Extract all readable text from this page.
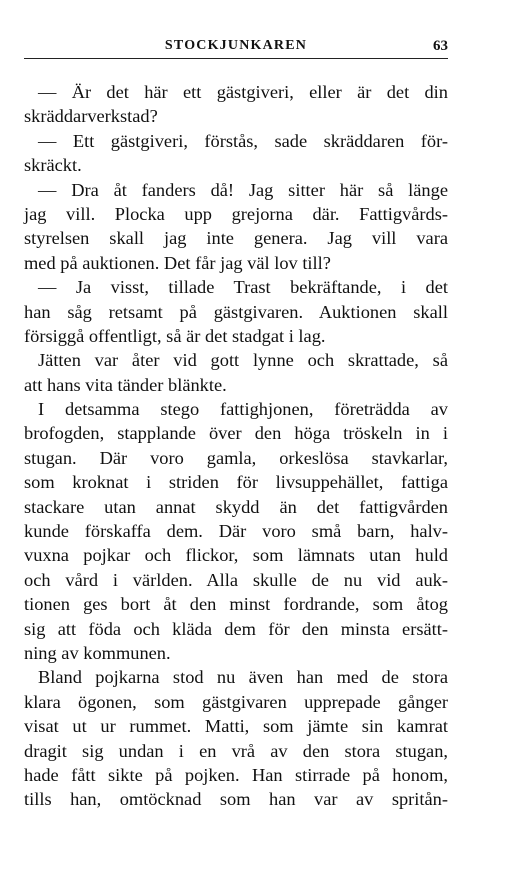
STOCKJUNKAREN	63
— Är det här ett gästgiveri, eller är det din
skräddarverkstad?
— Ett gästgiveri, förstås, sade skräddaren för-
skräckt.
— Dra åt fanders då! Jag sitter här så länge
jag vill. Plocka upp grejorna där. Fattigvårds-
styrelsen skall jag inte genera. Jag vill vara
med på auktionen. Det får jag väl lov till?
— Ja visst, tillade Trast bekräftande, i det
han såg retsamt på gästgivaren. Auktionen skall
försiggå offentligt, så är det stadgat i lag.
Jätten var åter vid gott lynne och skrattade, så
att hans vita tänder blänkte.
I detsamma stego fattighjonen, företrädda av
brofogden, stapplande över den höga tröskeln in i
stugan. Där voro gamla, orkeslösa stavkarlar,
som kroknat i striden för livsuppehället, fattiga
stackare utan annat skydd än det fattigvården
kunde förskaffa dem. Där voro små barn, halv-
vuxna pojkar och flickor, som lämnats utan huld
och vård i världen. Alla skulle de nu vid auk-
tionen ges bort åt den minst fordrande, som åtog
sig att föda och kläda dem för den minsta ersätt-
ning av kommunen.
Bland pojkarna stod nu även han med de stora
klara ögonen, som gästgivaren upprepade gånger
visat ut ur rummet. Matti, som jämte sin kamrat
dragit sig undan i en vrå av den stora stugan,
hade fått sikte på pojken. Han stirrade på honom,
tills han, omtöcknad som han var av spritån-
